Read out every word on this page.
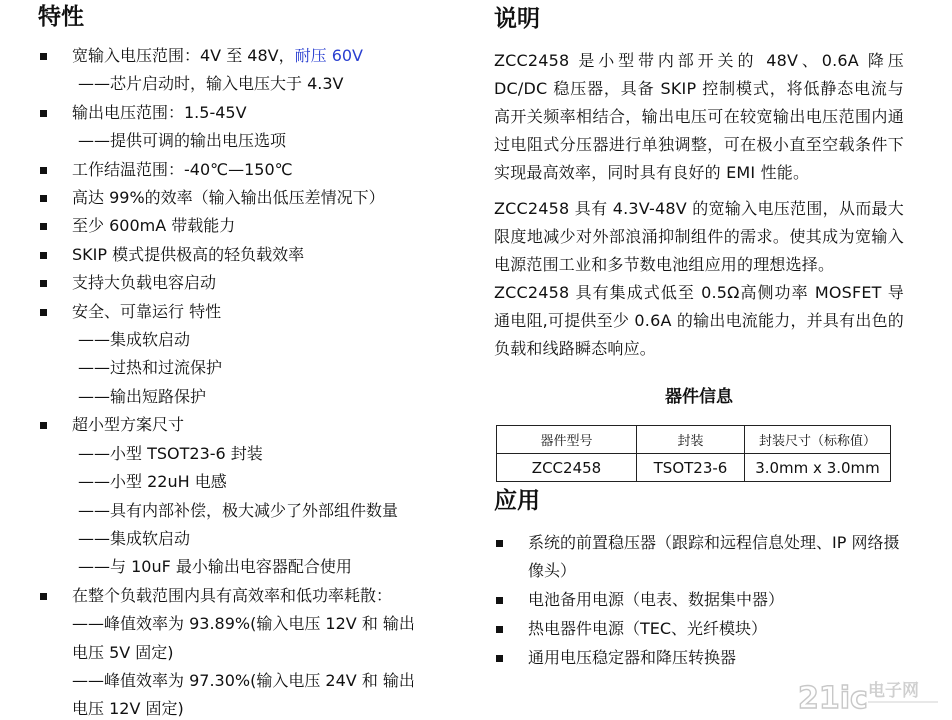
特性
宽输入电压范围：4V 至 48V，耐压 60V
——芯片启动时，输入电压大于 4.3V
输出电压范围：1.5-45V
——提供可调的输出电压选项
工作结温范围：-40℃—150℃
高达 99%的效率（输入输出低压差情况下）
至少 600mA 带载能力
SKIP 模式提供极高的轻负载效率
支持大负载电容启动
安全、可靠运行 特性
——集成软启动
——过热和过流保护
——输出短路保护
超小型方案尺寸
——小型 TSOT23-6 封装
——小型 22uH 电感
——具有内部补偿，极大减少了外部组件数量
——集成软启动
——与 10uF 最小输出电容器配合使用
在整个负载范围内具有高效率和低功率耗散：
——峰值效率为 93.89%(输入电压 12V 和 输出
电压 5V 固定)
——峰值效率为 97.30%(输入电压 24V 和 输出
电压 12V 固定)
说明

ZCC2458 是小型带内部开关的 48V、0.6A 降压 DC/DC 稳压器，具备 SKIP 控制模式，将低静态电流与高开关频率相结合，输出电压可在较宽输出电压范围内通过电阻式分压器进行单独调整，可在极小直至空载条件下实现最高效率，同时具有良好的 EMI 性能。

ZCC2458 具有 4.3V-48V 的宽输入电压范围，从而最大限度地减少对外部浪涌抑制组件的需求。使其成为宽输入电源范围工业和多节数电池组应用的理想选择。

ZCC2458 具有集成式低至 0.5Ω高侧功率 MOSFET 导通电阻,可提供至少 0.6A 的输出电流能力，并具有出色的负载和线路瞬态响应。

器件信息
器件型号	封装	封装尺寸（标称值）
ZCC2458	TSOT23-6	3.0mm x 3.0mm
应用
系统的前置稳压器（跟踪和远程信息处理、IP 网络摄像头）
电池备用电源（电表、数据集中器）
热电器件电源（TEC、光纤模块）
通用电压稳定器和降压转换器
21ic 电子网
